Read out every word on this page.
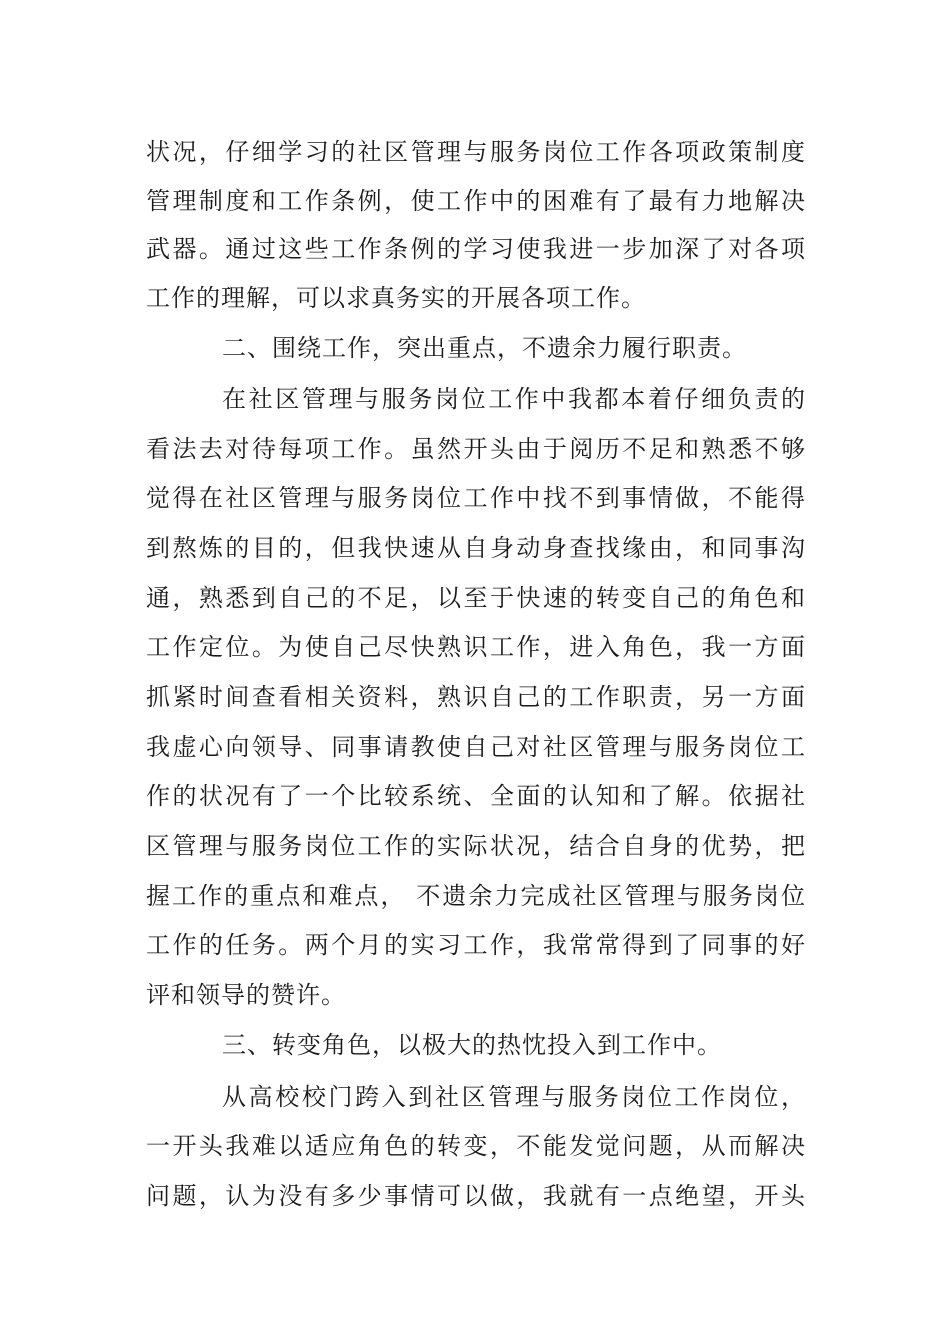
状况，仔细学习的社区管理与服务岗位工作各项政策制度
管理制度和工作条例，使工作中的困难有了最有力地解决
武器。通过这些工作条例的学习使我进一步加深了对各项
工作的理解，可以求真务实的开展各项工作。
二、围绕工作，突出重点，不遗余力履行职责。
在社区管理与服务岗位工作中我都本着仔细负责的
看法去对待每项工作。虽然开头由于阅历不足和熟悉不够
觉得在社区管理与服务岗位工作中找不到事情做，不能得
到熬炼的目的，但我快速从自身动身查找缘由，和同事沟
通，熟悉到自己的不足，以至于快速的转变自己的角色和
工作定位。为使自己尽快熟识工作，进入角色，我一方面
抓紧时间查看相关资料，熟识自己的工作职责，另一方面
我虚心向领导、同事请教使自己对社区管理与服务岗位工
作的状况有了一个比较系统、全面的认知和了解。依据社
区管理与服务岗位工作的实际状况，结合自身的优势，把
握工作的重点和难点， 不遗余力完成社区管理与服务岗位
工作的任务。两个月的实习工作，我常常得到了同事的好
评和领导的赞许。
三、转变角色，以极大的热忱投入到工作中。
从高校校门跨入到社区管理与服务岗位工作岗位，
一开头我难以适应角色的转变，不能发觉问题，从而解决
问题，认为没有多少事情可以做，我就有一点绝望，开头
